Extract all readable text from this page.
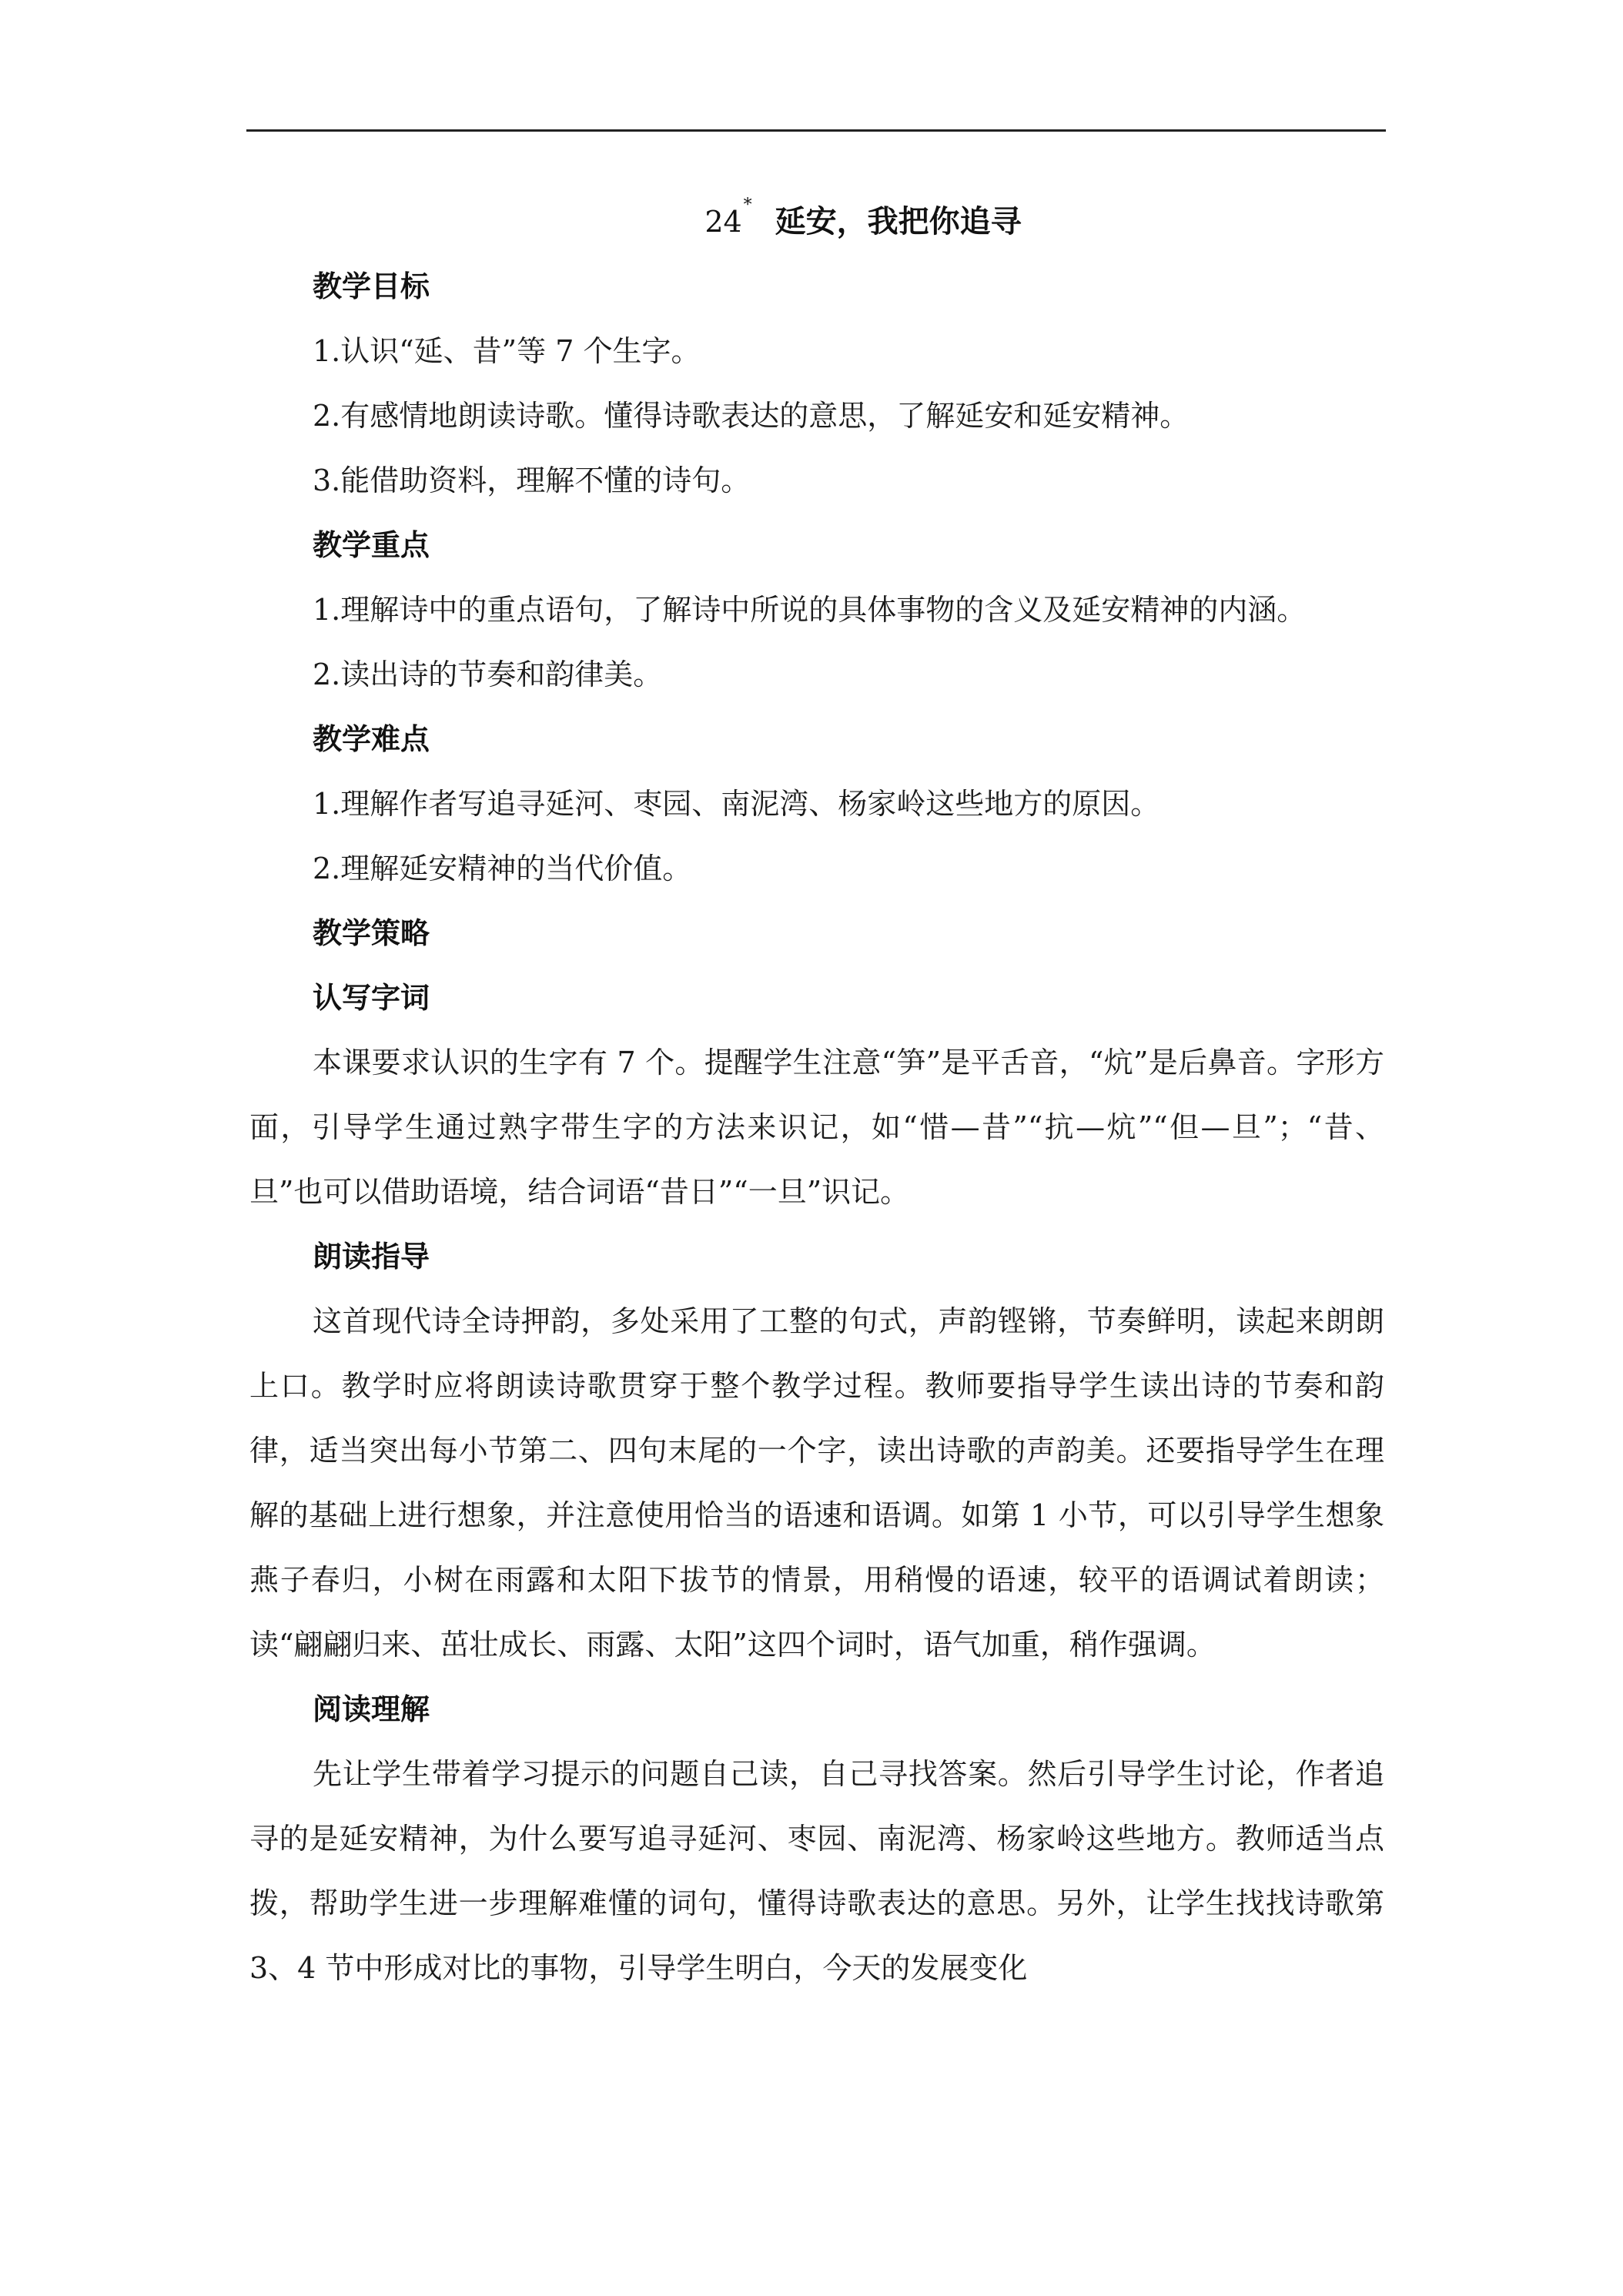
24* 延安，我把你追寻
教学目标

1.认识“延、昔”等 7 个生字。

2.有感情地朗读诗歌。懂得诗歌表达的意思，了解延安和延安精神。

3.能借助资料，理解不懂的诗句。

教学重点

1.理解诗中的重点语句，了解诗中所说的具体事物的含义及延安精神的内涵。

2.读出诗的节奏和韵律美。

教学难点

1.理解作者写追寻延河、枣园、南泥湾、杨家岭这些地方的原因。

2.理解延安精神的当代价值。

教学策略
认写字词

本课要求认识的生字有 7 个。提醒学生注意“笋”是平舌音，“炕”是后鼻音。字形方面，引导学生通过熟字带生字的方法来识记，如“惜—昔”“抗—炕”“但—旦”；“昔、旦”也可以借助语境，结合词语“昔日”“一旦”识记。

朗读指导

这首现代诗全诗押韵，多处采用了工整的句式，声韵铿锵，节奏鲜明，读起来朗朗上口。教学时应将朗读诗歌贯穿于整个教学过程。教师要指导学生读出诗的节奏和韵律，适当突出每小节第二、四句末尾的一个字，读出诗歌的声韵美。还要指导学生在理解的基础上进行想象，并注意使用恰当的语速和语调。如第 1 小节，可以引导学生想象燕子春归，小树在雨露和太阳下拔节的情景，用稍慢的语速，较平的语调试着朗读；读“翩翩归来、茁壮成长、雨露、太阳”这四个词时，语气加重，稍作强调。

阅读理解

先让学生带着学习提示的问题自己读，自己寻找答案。然后引导学生讨论，作者追寻的是延安精神，为什么要写追寻延河、枣园、南泥湾、杨家岭这些地方。教师适当点拨，帮助学生进一步理解难懂的词句，懂得诗歌表达的意思。另外，让学生找找诗歌第 3、4 节中形成对比的事物，引导学生明白，今天的发展变化
